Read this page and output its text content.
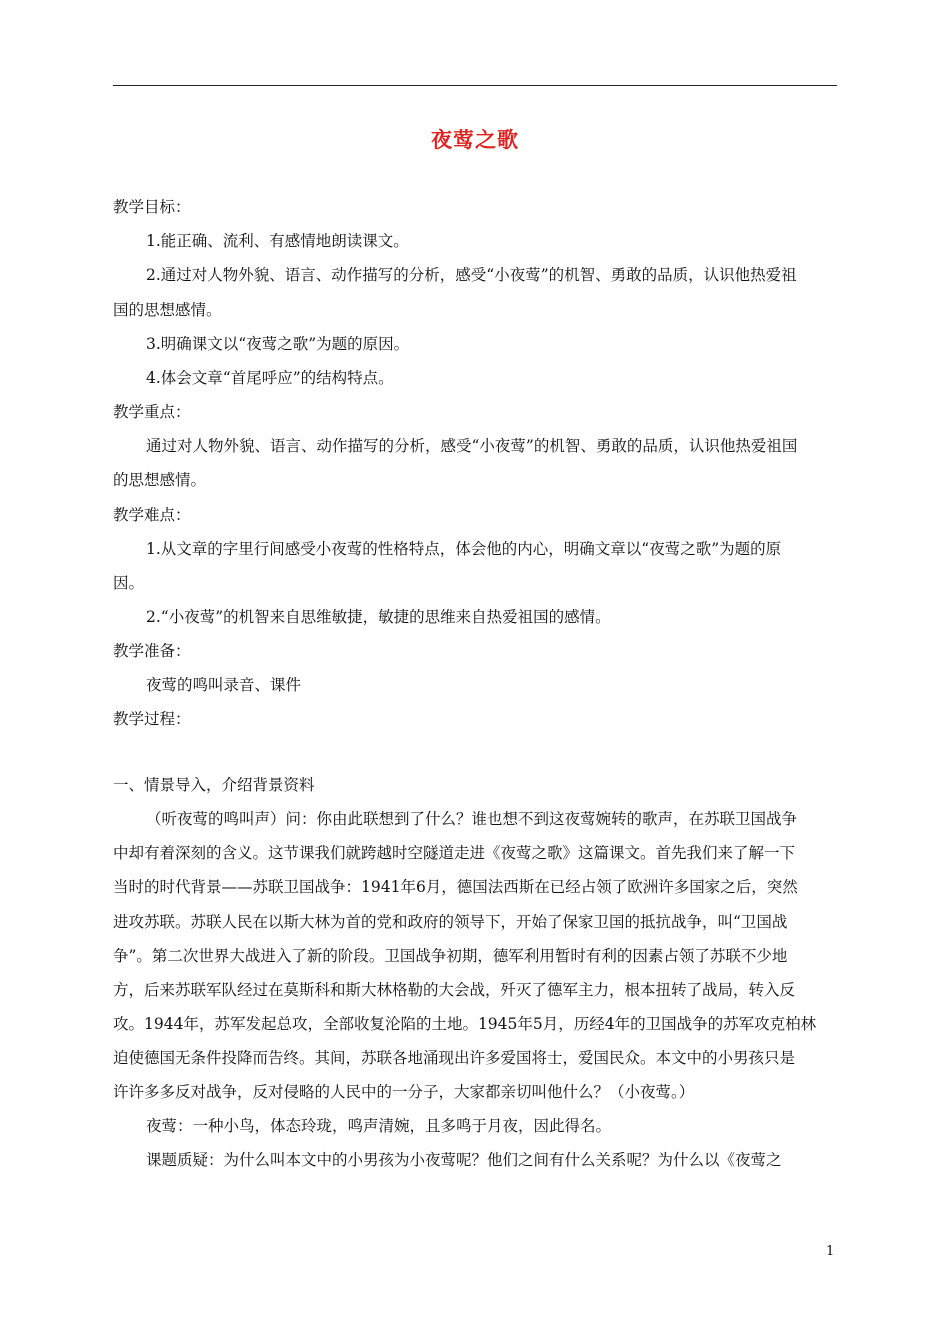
夜莺之歌
教学目标：
1.能正确、流利、有感情地朗读课文。
2.通过对人物外貌、语言、动作描写的分析，感受“小夜莺”的机智、勇敢的品质，认识他热爱祖
国的思想感情。
3.明确课文以“夜莺之歌”为题的原因。
4.体会文章“首尾呼应”的结构特点。
教学重点：
通过对人物外貌、语言、动作描写的分析，感受“小夜莺”的机智、勇敢的品质，认识他热爱祖国
的思想感情。
教学难点：
1.从文章的字里行间感受小夜莺的性格特点，体会他的内心，明确文章以“夜莺之歌”为题的原
因。
2.“小夜莺”的机智来自思维敏捷，敏捷的思维来自热爱祖国的感情。
教学准备：
夜莺的鸣叫录音、课件
教学过程：
一、情景导入，介绍背景资料
（听夜莺的鸣叫声）问：你由此联想到了什么？谁也想不到这夜莺婉转的歌声，在苏联卫国战争
中却有着深刻的含义。这节课我们就跨越时空隧道走进《夜莺之歌》这篇课文。首先我们来了解一下
当时的时代背景——苏联卫国战争：1941年6月，德国法西斯在已经占领了欧洲许多国家之后，突然
进攻苏联。苏联人民在以斯大林为首的党和政府的领导下，开始了保家卫国的抵抗战争，叫“卫国战
争”。第二次世界大战进入了新的阶段。卫国战争初期，德军利用暂时有利的因素占领了苏联不少地
方，后来苏联军队经过在莫斯科和斯大林格勒的大会战，歼灭了德军主力，根本扭转了战局，转入反
攻。1944年，苏军发起总攻，全部收复沦陷的土地。1945年5月，历经4年的卫国战争的苏军攻克柏林
迫使德国无条件投降而告终。其间，苏联各地涌现出许多爱国将士，爱国民众。本文中的小男孩只是
许许多多反对战争，反对侵略的人民中的一分子，大家都亲切叫他什么？（小夜莺。）
夜莺：一种小鸟，体态玲珑，鸣声清婉，且多鸣于月夜，因此得名。
课题质疑：为什么叫本文中的小男孩为小夜莺呢？他们之间有什么关系呢？为什么以《夜莺之
1
